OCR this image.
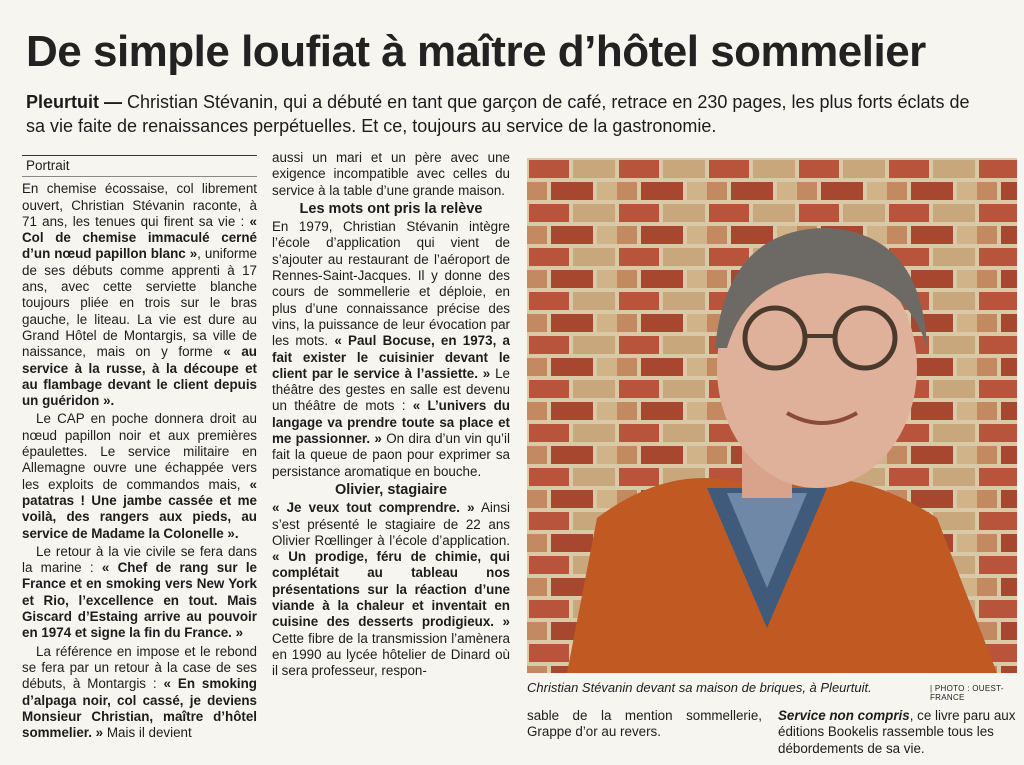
De simple loufiat à maître d’hôtel sommelier

Pleurtuit — Christian Stévanin, qui a débuté en tant que garçon de café, retrace en 230 pages, les plus forts éclats de sa vie faite de renaissances perpétuelles. Et ce, toujours au service de la gastronomie.

Portrait

En chemise écossaise, col librement ouvert, Christian Stévanin raconte, à 71 ans, les tenues qui firent sa vie : « Col de chemise immaculé cerné d’un nœud papillon blanc », uniforme de ses débuts comme apprenti à 17 ans, avec cette serviette blanche toujours pliée en trois sur le bras gauche, le liteau. La vie est dure au Grand Hôtel de Montargis, sa ville de naissance, mais on y forme « au service à la russe, à la découpe et au flambage devant le client depuis un guéridon ».

Le CAP en poche donnera droit au nœud papillon noir et aux premières épaulettes. Le service militaire en Allemagne ouvre une échappée vers les exploits de commandos mais, « patatras ! Une jambe cassée et me voilà, des rangers aux pieds, au service de Madame la Colonelle ».

Le retour à la vie civile se fera dans la marine : « Chef de rang sur le France et en smoking vers New York et Rio, l’excellence en tout. Mais Giscard d’Estaing arrive au pouvoir en 1974 et signe la fin du France. »

La référence en impose et le rebond se fera par un retour à la case de ses débuts, à Montargis : « En smoking d’alpaga noir, col cassé, je deviens Monsieur Christian, maître d’hôtel sommelier. » Mais il devient

aussi un mari et un père avec une exigence incompatible avec celles du service à la table d’une grande maison.

Les mots ont pris la relève

En 1979, Christian Stévanin intègre l’école d’application qui vient de s’ajouter au restaurant de l’aéroport de Rennes-Saint-Jacques. Il y donne des cours de sommellerie et déploie, en plus d’une connaissance précise des vins, la puissance de leur évocation par les mots. « Paul Bocuse, en 1973, a fait exister le cuisinier devant le client par le service à l’assiette. » Le théâtre des gestes en salle est devenu un théâtre de mots : « L’univers du langage va prendre toute sa place et me passionner. » On dira d’un vin qu’il fait la queue de paon pour exprimer sa persistance aromatique en bouche.

Olivier, stagiaire

« Je veux tout comprendre. » Ainsi s’est présenté le stagiaire de 22 ans Olivier Rœllinger à l’école d’application. « Un prodige, féru de chimie, qui complétait au tableau nos présentations sur la réaction d’une viande à la chaleur et inventait en cuisine des desserts prodigieux. » Cette fibre de la transmission l’amènera en 1990 au lycée hôtelier de Dinard où il sera professeur, respon-

Christian Stévanin devant sa maison de briques, à Pleurtuit.	| PHOTO : OUEST-FRANCE
sable de la mention sommellerie, Grappe d’or au revers.
Service non compris, ce livre paru aux éditions Bookelis rassemble tous les débordements de sa vie.
